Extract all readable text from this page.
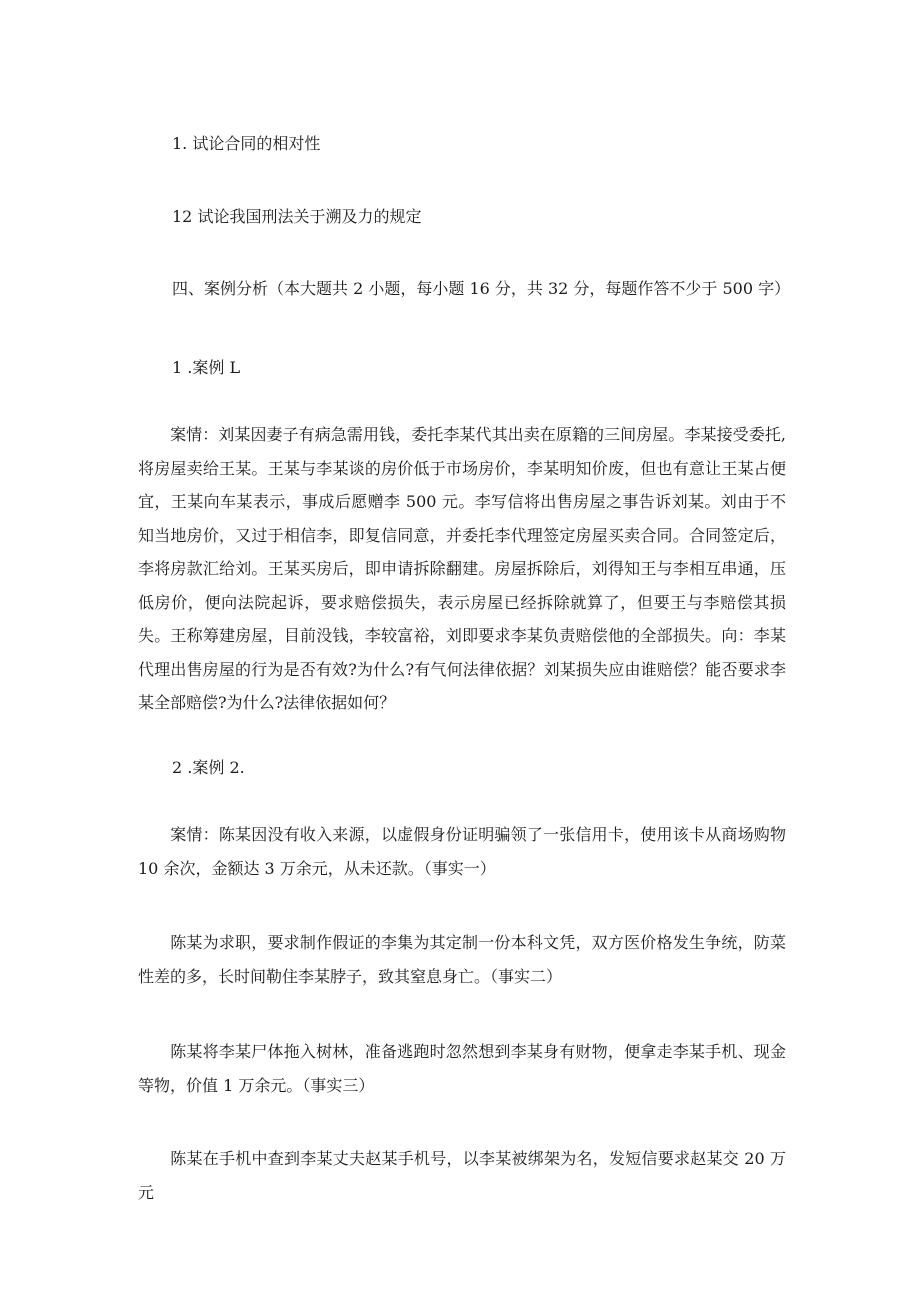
1. 试论合同的相对性
12 试论我国刑法关于溯及力的规定
四、案例分析（本大题共 2 小题，每小题 16 分，共 32 分，每题作答不少于 500 字）
1 .案例 L
案情：刘某因妻子有病急需用钱，委托李某代其出卖在原籍的三间房屋。李某接受委托, 将房屋卖给王某。王某与李某谈的房价低于市场房价，李某明知价废，但也有意让王某占便宜，王某向车某表示，事成后愿赠李 500 元。李写信将出售房屋之事告诉刘某。刘由于不知当地房价，又过于相信李，即复信同意，并委托李代理签定房屋买卖合同。合同签定后，李将房款汇给刘。王某买房后，即申请拆除翻建。房屋拆除后，刘得知王与李相互串通，压低房价，便向法院起诉，要求赔偿损失，表示房屋已经拆除就算了，但要王与李赔偿其损失。王称筹建房屋，目前没钱，李较富裕，刘即要求李某负责赔偿他的全部损失。向：李某代理出售房屋的行为是否有效?为什么?有气何法律依据？刘某损失应由谁赔偿？能否要求李某全部赔偿?为什么?法律依据如何？
2 .案例 2.
案情：陈某因没有收入来源，以虚假身份证明骗领了一张信用卡，使用该卡从商场购物 10 余次，金额达 3 万余元，从未还款。（事实一）
陈某为求职，要求制作假证的李集为其定制一份本科文凭，双方医价格发生争统，防菜性差的多，长时间勒住李某脖子，致其窒息身亡。（事实二）
陈某将李某尸体拖入树林，准备逃跑时忽然想到李某身有财物，便拿走李某手机、现金等物，价值 1 万余元。（事实三）
陈某在手机中查到李某丈夫赵某手机号，以李某被绑架为名，发短信要求赵某交 20 万元
